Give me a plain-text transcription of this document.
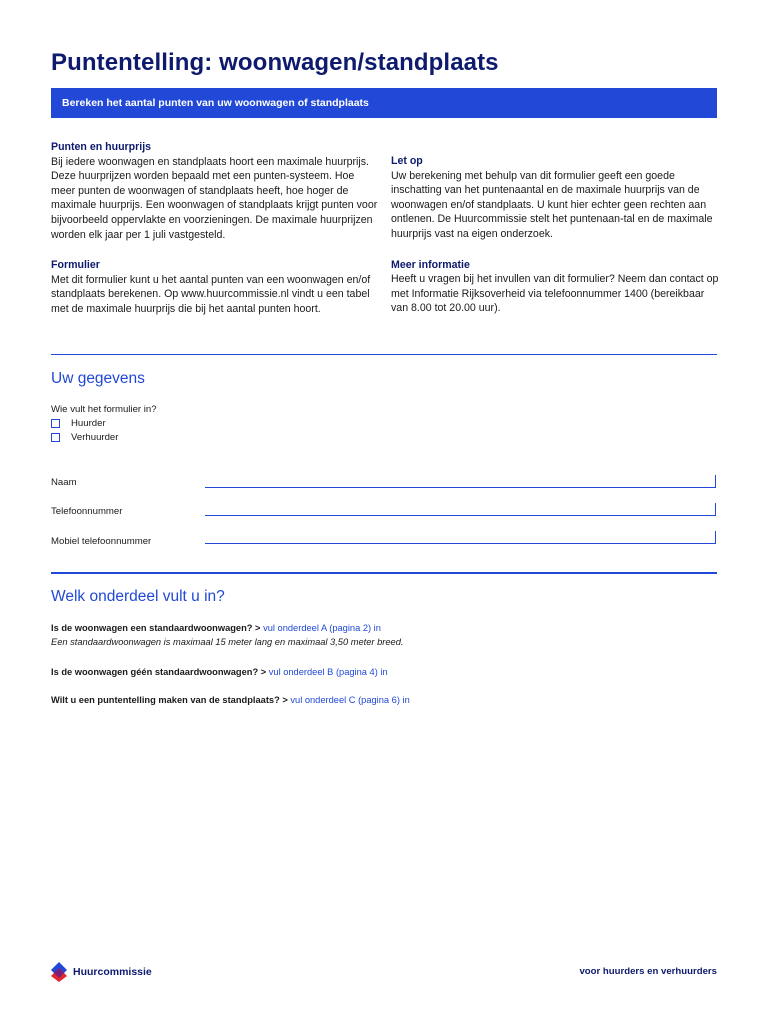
Puntentelling: woonwagen/standplaats
Bereken het aantal punten van uw woonwagen of standplaats

Punten en huurprijs

Bij iedere woonwagen en standplaats hoort een maximale huurprijs. Deze huurprijzen worden bepaald met een punten-systeem. Hoe meer punten de woonwagen of standplaats heeft, hoe hoger de maximale huurprijs. Een woonwagen of standplaats krijgt punten voor bijvoorbeeld oppervlakte en voorzieningen. De maximale huurprijzen worden elk jaar per 1 juli vastgesteld.

Formulier

Met dit formulier kunt u het aantal punten van een woonwagen en/of standplaats berekenen. Op www.huurcommissie.nl vindt u een tabel met de maximale huurprijs die bij het aantal punten hoort.

Let op

Uw berekening met behulp van dit formulier geeft een goede inschatting van het puntenaantal en de maximale huurprijs van de woonwagen en/of standplaats. U kunt hier echter geen rechten aan ontlenen. De Huurcommissie stelt het puntenaan-tal en de maximale huurprijs vast na eigen onderzoek.

Meer informatie

Heeft u vragen bij het invullen van dit formulier? Neem dan contact op met Informatie Rijksoverheid via telefoonnummer 1400 (bereikbaar van 8.00 tot 20.00 uur).

Uw gegevens
Wie vult het formulier in?
Huurder
Verhuurder
Naam
Telefoonnummer
Mobiel telefoonnummer
Welk onderdeel vult u in?
Is de woonwagen een standaardwoonwagen? > vul onderdeel A (pagina 2) in
Een standaardwoonwagen is maximaal 15 meter lang en maximaal 3,50 meter breed.
Is de woonwagen géén standaardwoonwagen? > vul onderdeel B (pagina 4) in
Wilt u een puntentelling maken van de standplaats? > vul onderdeel C (pagina 6) in
Huurcommissie	voor huurders en verhuurders
